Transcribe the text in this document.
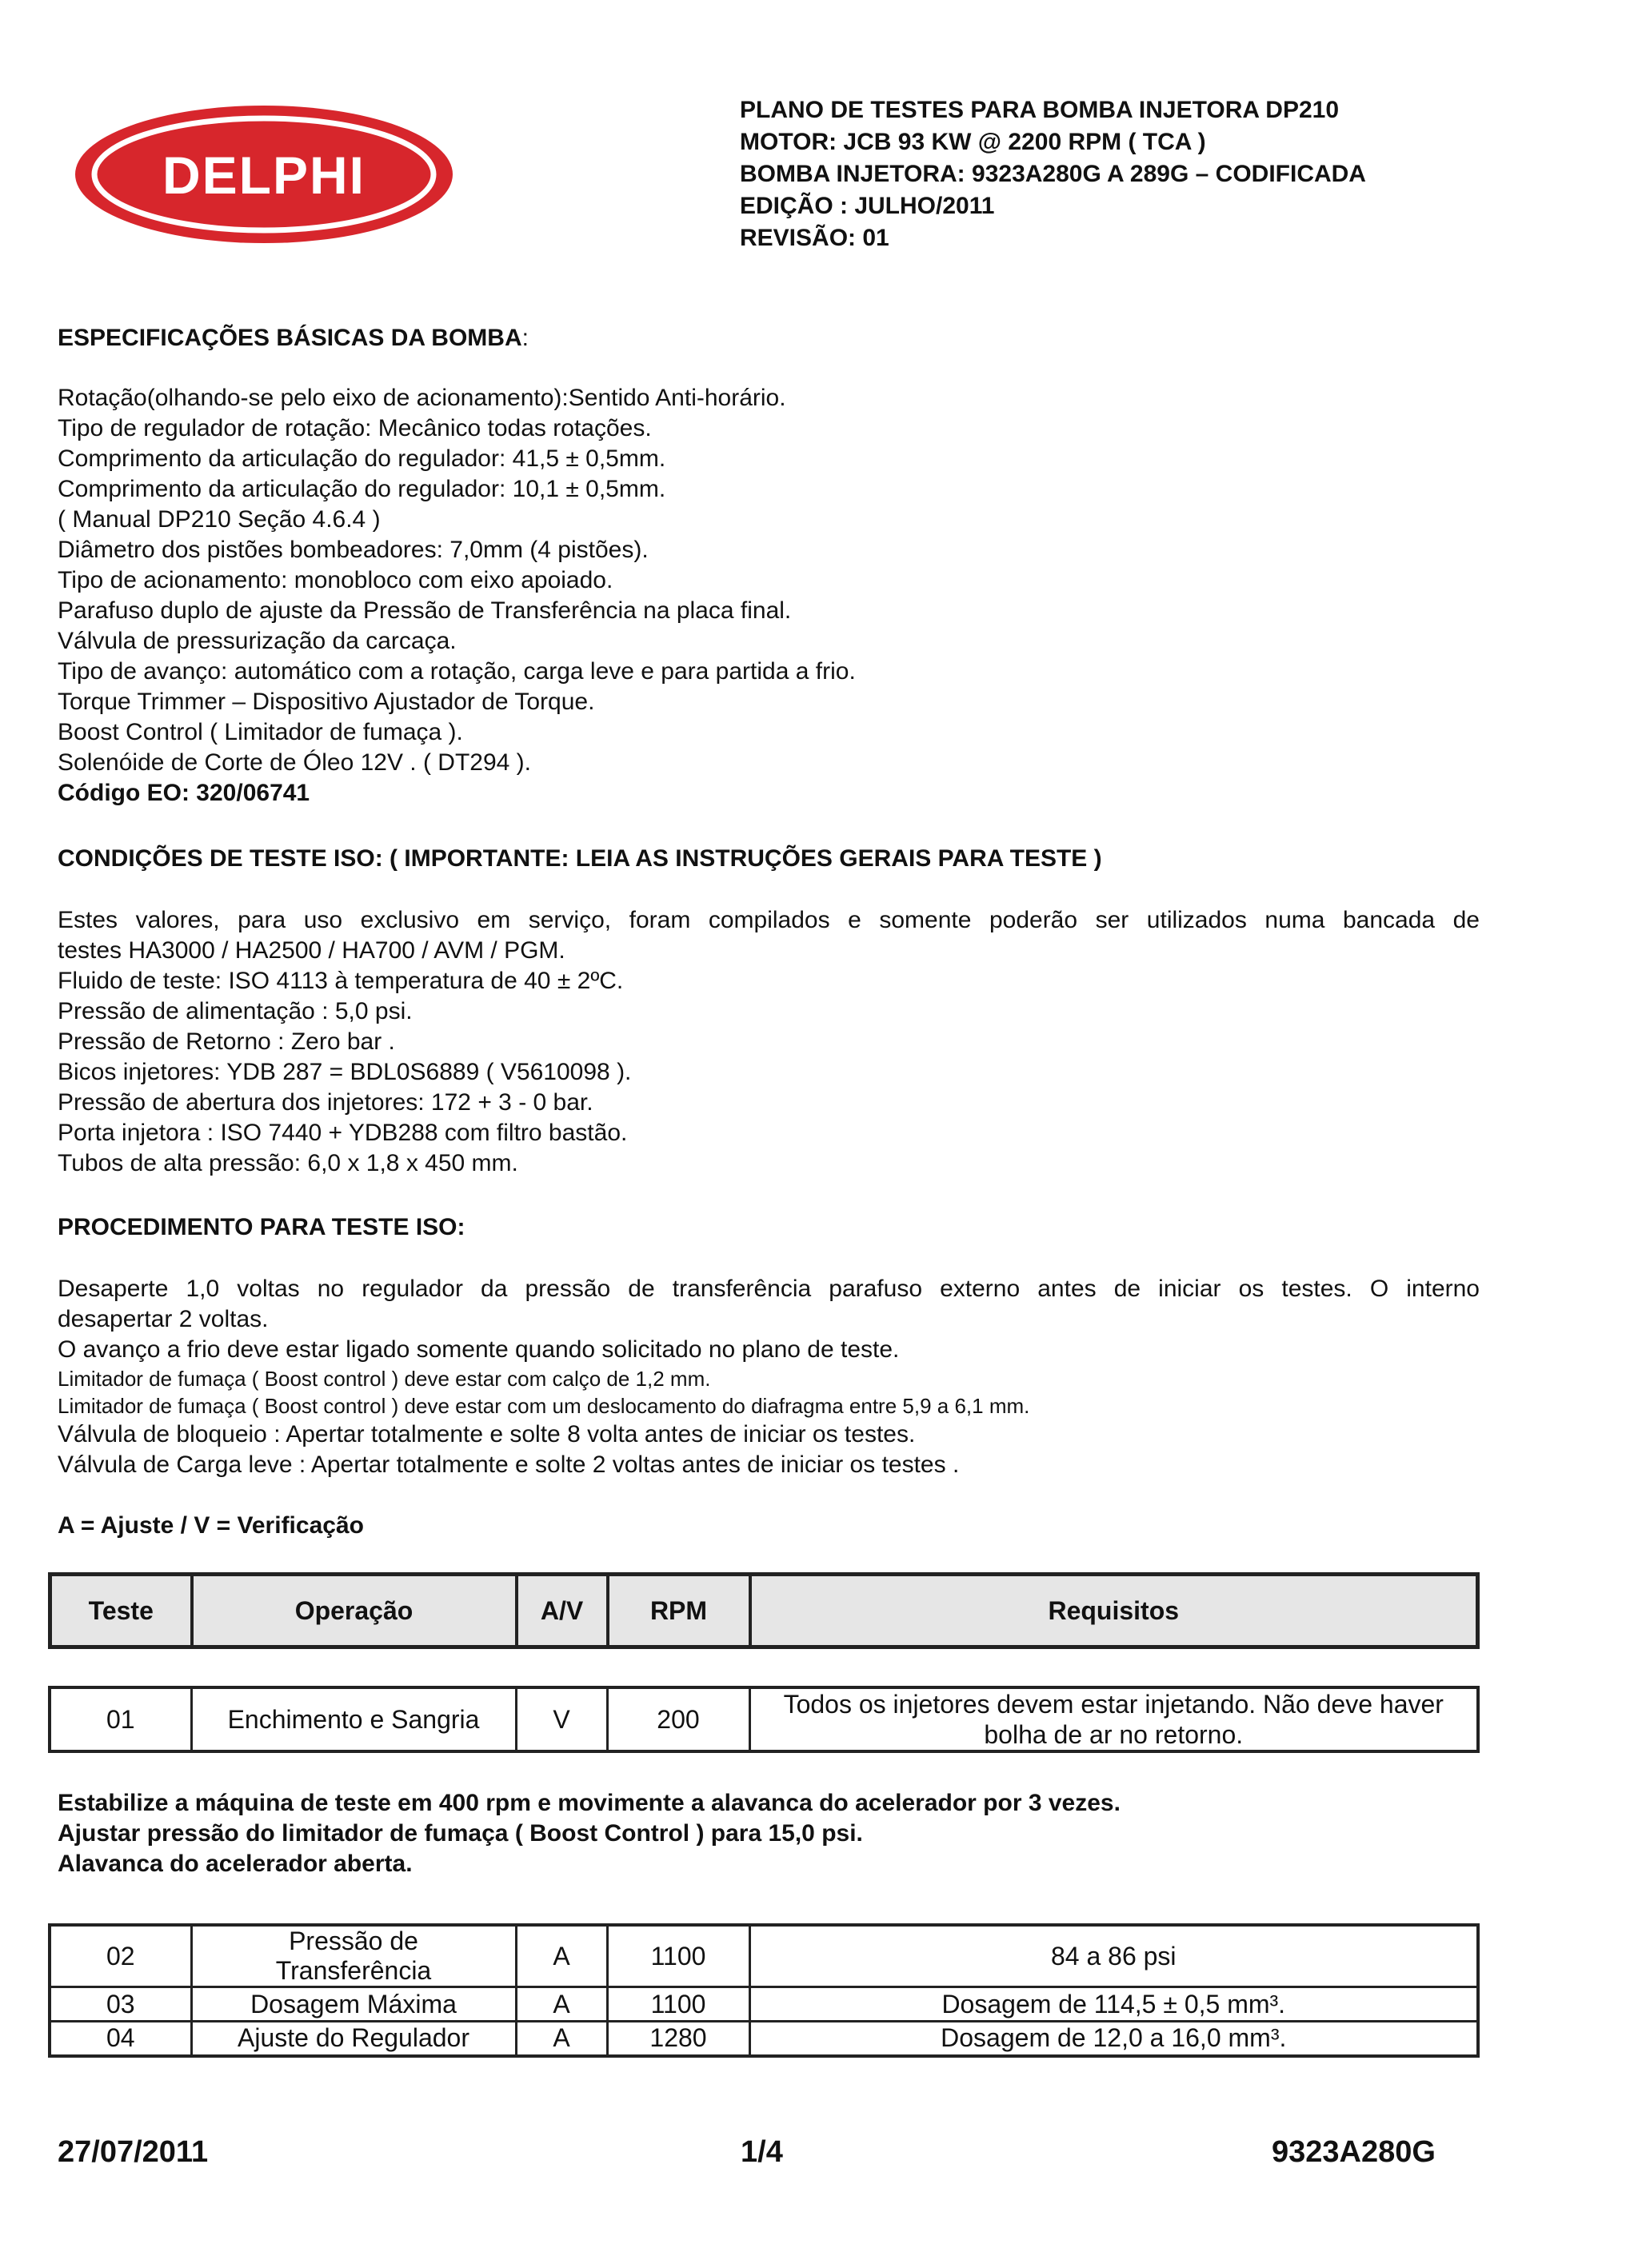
DELPHI
PLANO DE TESTES PARA BOMBA INJETORA DP210
MOTOR: JCB 93 KW @ 2200 RPM ( TCA )
BOMBA INJETORA: 9323A280G A 289G – CODIFICADA
EDIÇÃO : JULHO/2011
REVISÃO: 01
ESPECIFICAÇÕES BÁSICAS DA BOMBA:
Rotação(olhando-se pelo eixo de acionamento):Sentido Anti-horário.
Tipo de regulador de rotação: Mecânico todas rotações.
Comprimento da articulação do regulador: 41,5 ± 0,5mm.
Comprimento da articulação do regulador: 10,1 ± 0,5mm.
( Manual DP210 Seção 4.6.4 )
Diâmetro dos pistões bombeadores: 7,0mm (4 pistões).
Tipo de acionamento: monobloco com eixo apoiado.
Parafuso duplo de ajuste da Pressão de Transferência na placa final.
Válvula de pressurização da carcaça.
Tipo de avanço: automático com a rotação, carga leve e para partida a frio.
Torque Trimmer – Dispositivo Ajustador de Torque.
Boost Control ( Limitador de fumaça ).
Solenóide de Corte de Óleo 12V . ( DT294 ).
Código EO: 320/06741
CONDIÇÕES DE TESTE ISO: ( IMPORTANTE: LEIA AS INSTRUÇÕES GERAIS PARA TESTE )
Estes valores, para uso exclusivo em serviço, foram compilados e somente poderão ser utilizados numa bancada de
testes HA3000 / HA2500 / HA700 / AVM / PGM.
Fluido de teste: ISO 4113 à temperatura de 40 ± 2ºC.
Pressão de alimentação : 5,0 psi.
Pressão de Retorno : Zero bar .
Bicos injetores: YDB 287 = BDL0S6889 ( V5610098 ).
Pressão de abertura dos injetores: 172 + 3 - 0 bar.
Porta injetora : ISO 7440 + YDB288 com filtro bastão.
Tubos de alta pressão: 6,0 x 1,8 x 450 mm.
PROCEDIMENTO PARA TESTE ISO:
Desaperte 1,0 voltas no regulador da pressão de transferência parafuso externo antes de iniciar os testes. O interno
desapertar 2 voltas.
O avanço a frio deve estar ligado somente quando solicitado no plano de teste.
Limitador de fumaça ( Boost control ) deve estar com calço de 1,2 mm.
Limitador de fumaça ( Boost control ) deve estar com um deslocamento do diafragma entre 5,9 a 6,1 mm.
Válvula de bloqueio : Apertar totalmente e solte 8 volta antes de iniciar os testes.
Válvula de Carga leve : Apertar totalmente e solte 2 voltas antes de iniciar os testes .
A = Ajuste / V = Verificação
Teste	Operação	A/V	RPM	Requisitos
01	Enchimento e Sangria	V	200	Todos os injetores devem estar injetando. Não deve haver bolha de ar no retorno.
Estabilize a máquina de teste em 400 rpm e movimente a alavanca do acelerador por 3 vezes.
Ajustar pressão do limitador de fumaça ( Boost Control ) para 15,0 psi.
Alavanca do acelerador aberta.
02	Pressão de Transferência	A	1100	84 a 86 psi
03	Dosagem Máxima	A	1100	Dosagem de 114,5 ± 0,5 mm³.
04	Ajuste do Regulador	A	1280	Dosagem de 12,0 a 16,0 mm³.
27/07/2011	1/4	9323A280G
